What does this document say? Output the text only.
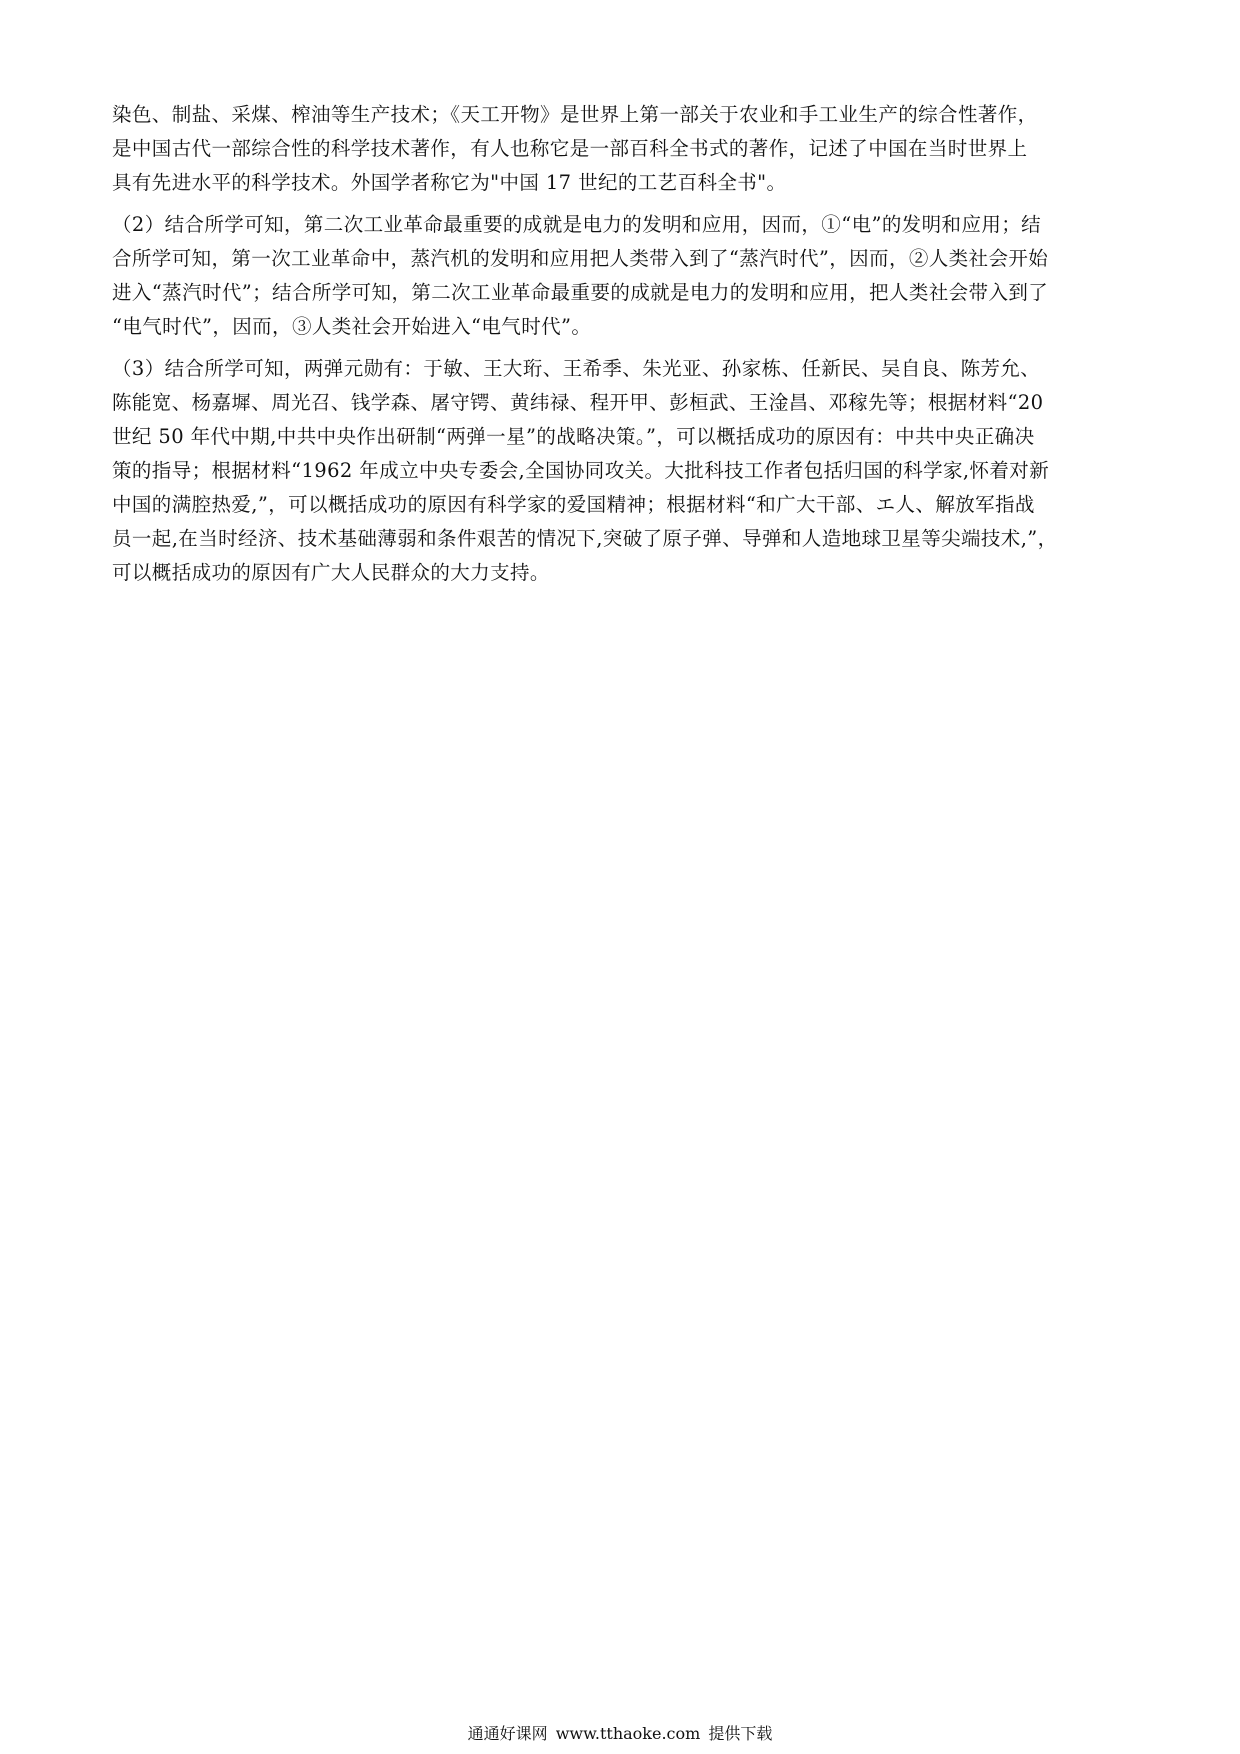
染色、制盐、采煤、榨油等生产技术；《天工开物》是世界上第一部关于农业和手工业生产的综合性著作，
是中国古代一部综合性的科学技术著作，有人也称它是一部百科全书式的著作，记述了中国在当时世界上
具有先进水平的科学技术。外国学者称它为"中国 17 世纪的工艺百科全书"。
（2）结合所学可知，第二次工业革命最重要的成就是电力的发明和应用，因而，①“电”的发明和应用；结
合所学可知，第一次工业革命中，蒸汽机的发明和应用把人类带入到了“蒸汽时代”，因而，②人类社会开始
进入“蒸汽时代”；结合所学可知，第二次工业革命最重要的成就是电力的发明和应用，把人类社会带入到了
“电气时代”，因而，③人类社会开始进入“电气时代”。
（3）结合所学可知，两弹元勋有：于敏、王大珩、王希季、朱光亚、孙家栋、任新民、吴自良、陈芳允、
陈能宽、杨嘉墀、周光召、钱学森、屠守锷、黄纬禄、程开甲、彭桓武、王淦昌、邓稼先等；根据材料“20
世纪 50 年代中期,中共中央作出研制“两弹一星”的战略决策。”，可以概括成功的原因有：中共中央正确决
策的指导；根据材料“1962 年成立中央专委会,全国协同攻关。大批科技工作者包括归国的科学家,怀着对新
中国的满腔热爱,”，可以概括成功的原因有科学家的爱国精神；根据材料“和广大干部、エ人、解放军指战
员一起,在当时经济、技术基础薄弱和条件艰苦的情况下,突破了原子弹、导弹和人造地球卫星等尖端技术,”，
可以概括成功的原因有广大人民群众的大力支持。
通通好课网 www.tthaoke.com 提供下载
